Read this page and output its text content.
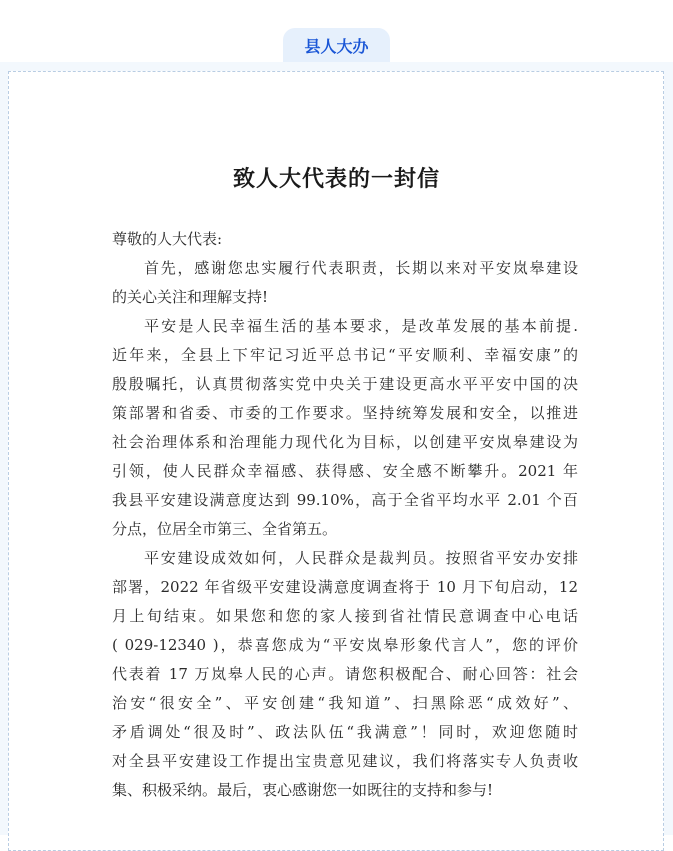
县人大办
致人大代表的一封信
尊敬的人大代表:
首先，感谢您忠实履行代表职责，长期以来对平安岚皋建设
的关心关注和理解支持!
平安是人民幸福生活的基本要求，是改革发展的基本前提.
近年来，全县上下牢记习近平总书记“平安顺利、幸福安康”的
殷殷嘱托，认真贯彻落实党中央关于建设更高水平平安中国的决
策部署和省委、市委的工作要求。坚持统筹发展和安全，以推进
社会治理体系和治理能力现代化为目标，以创建平安岚皋建设为
引领，使人民群众幸福感、获得感、安全感不断攀升。2021 年
我县平安建设满意度达到 99.10%，高于全省平均水平 2.01 个百
分点，位居全市第三、全省第五。
平安建设成效如何，人民群众是裁判员。按照省平安办安排
部署，2022 年省级平安建设满意度调查将于 10 月下旬启动，12
月上旬结束。如果您和您的家人接到省社情民意调查中心电话
( 029-12340 )，恭喜您成为“平安岚皋形象代言人”，您的评价
代表着 17 万岚皋人民的心声。请您积极配合、耐心回答：社会
治安“很安全”、平安创建“我知道”、扫黑除恶“成效好”、
矛盾调处“很及时”、政法队伍“我满意”！同时，欢迎您随时
对全县平安建设工作提出宝贵意见建议，我们将落实专人负责收
集、积极采纳。最后，衷心感谢您一如既往的支持和参与!
